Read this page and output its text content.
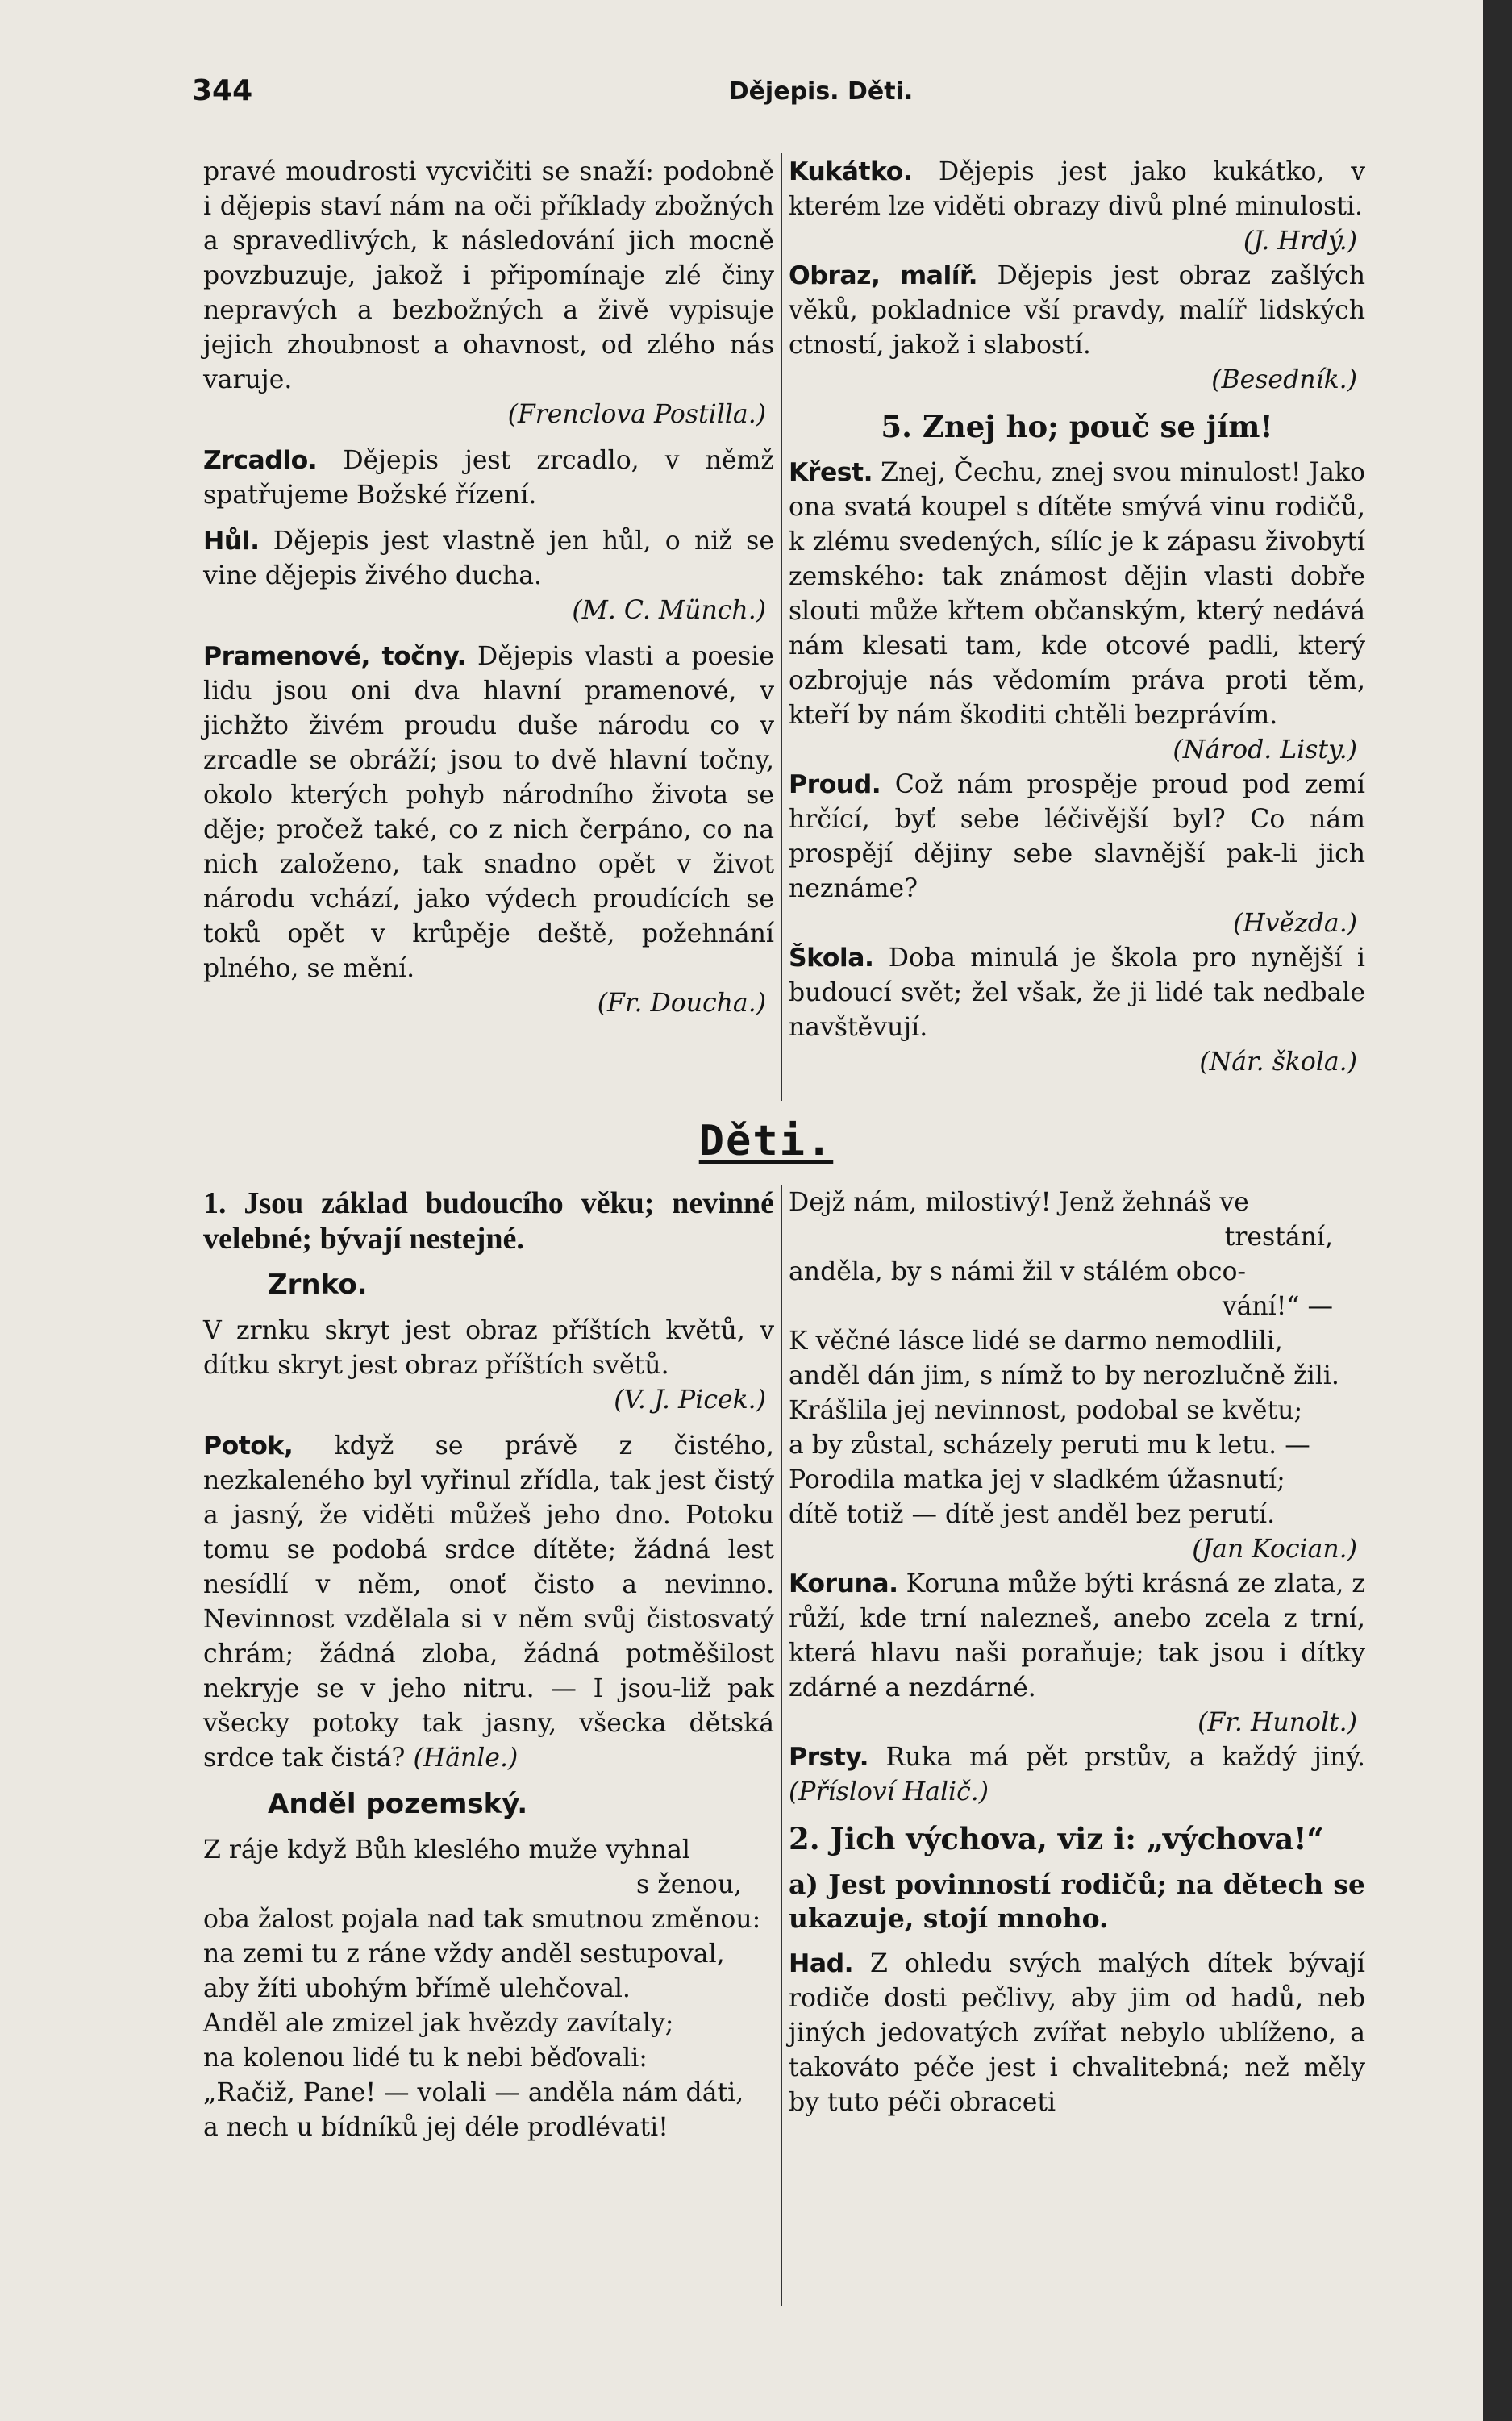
344	Dějepis. Děti.

pravé moudrosti vycvičiti se snaží: podobně i dějepis staví nám na oči příklady zbožných a spravedlivých, k následování jich mocně povzbuzuje, jakož i připomínaje zlé činy nepravých a bezbožných a živě vypisuje jejich zhoubnost a ohavnost, od zlého nás varuje.

(Frenclova Postilla.)

Zrcadlo. Dějepis jest zrcadlo, v němž spatřujeme Božské řízení.

Hůl. Dějepis jest vlastně jen hůl, o niž se vine dějepis živého ducha.

(M. C. Münch.)

Pramenové, točny. Dějepis vlasti a poesie lidu jsou oni dva hlavní pramenové, v jichžto živém proudu duše národu co v zrcadle se obráží; jsou to dvě hlavní točny, okolo kterých pohyb národního života se děje; pročež také, co z nich čerpáno, co na nich založeno, tak snadno opět v život národu vchází, jako výdech proudících se toků opět v krůpěje deště, požehnání plného, se mění.

(Fr. Doucha.)

Kukátko. Dějepis jest jako kukátko, v kterém lze viděti obrazy divů plné minulosti.

(J. Hrdý.)

Obraz, malíř. Dějepis jest obraz zašlých věků, pokladnice vší pravdy, malíř lidských ctností, jakož i slabostí.

(Besedník.)

5. Znej ho; pouč se jím!

Křest. Znej, Čechu, znej svou minulost! Jako ona svatá koupel s dítěte smývá vinu rodičů, k zlému svedených, sílíc je k zápasu živobytí zemského: tak známost dějin vlasti dobře slouti může křtem občanským, který nedává nám klesati tam, kde otcové padli, který ozbrojuje nás vědomím práva proti těm, kteří by nám škoditi chtěli bezprávím.

(Národ. Listy.)

Proud. Což nám prospěje proud pod zemí hrčící, byť sebe léčivější byl? Co nám prospějí dějiny sebe slavnější pak-li jich neznáme?

(Hvězda.)

Škola. Doba minulá je škola pro nynější i budoucí svět; žel však, že ji lidé tak nedbale navštěvují.

(Nár. škola.)

Děti.

1. Jsou základ budoucího věku; nevinné velebné; bývají nestejné.

Zrnko.

V zrnku skryt jest obraz příštích květů, v dítku skryt jest obraz příštích světů.

(V. J. Picek.)

Potok, když se právě z čistého, nezkaleného byl vyřinul zřídla, tak jest čistý a jasný, že viděti můžeš jeho dno. Potoku tomu se podobá srdce dítěte; žádná lest nesídlí v něm, onoť čisto a nevinno. Nevinnost vzdělala si v něm svůj čistosvatý chrám; žádná zloba, žádná potměšilost nekryje se v jeho nitru. — I jsou-liž pak všecky potoky tak jasny, všecka dětská srdce tak čistá? (Hänle.)

Anděl pozemský.

Z ráje když Bůh klesléhо muže vyhnal

s ženou,

oba žalost pojala nad tak smutnou změnou:

na zemi tu z ráne vždy anděl sestupoval,

aby žíti ubohým břímě ulehčoval.

Anděl ale zmizel jak hvězdy zavítaly;

na kolenou lidé tu k nebi běďovali:

„Račiž, Pane! — volali — anděla nám dáti,

a nech u bídníků jej déle prodlévati!

Dejž nám, milostivý! Jenž žehnáš ve

trestání,

anděla, by s námi žil v stálém obco-

vání!“ —

K věčné lásce lidé se darmo nemodlili,

anděl dán jim, s nímž to by nerozlučně žili.

Krášlila jej nevinnost, podobal se květu;

a by zůstal, scházely peruti mu k letu. —

Porodila matka jej v sladkém úžasnutí;

dítě totiž — dítě jest anděl bez perutí.

(Jan Kocian.)

Koruna. Koruna může býti krásná ze zlata, z růží, kde trní nalezneš, anebo zcela z trní, která hlavu naši poraňuje; tak jsou i dítky zdárné a nezdárné.

(Fr. Hunolt.)

Prsty. Ruka má pět prstův, a každý jiný. (Přísloví Halič.)

2. Jich výchova, viz i: „výchova!“

a) Jest povinností rodičů; na dětech se ukazuje, stojí mnoho.

Had. Z ohledu svých malých dítek bývají rodiče dosti pečlivy, aby jim od hadů, neb jiných jedovatých zvířat nebylo ublíženo, a takováto péče jest i chvalitebná; než měly by tuto péči obraceti
